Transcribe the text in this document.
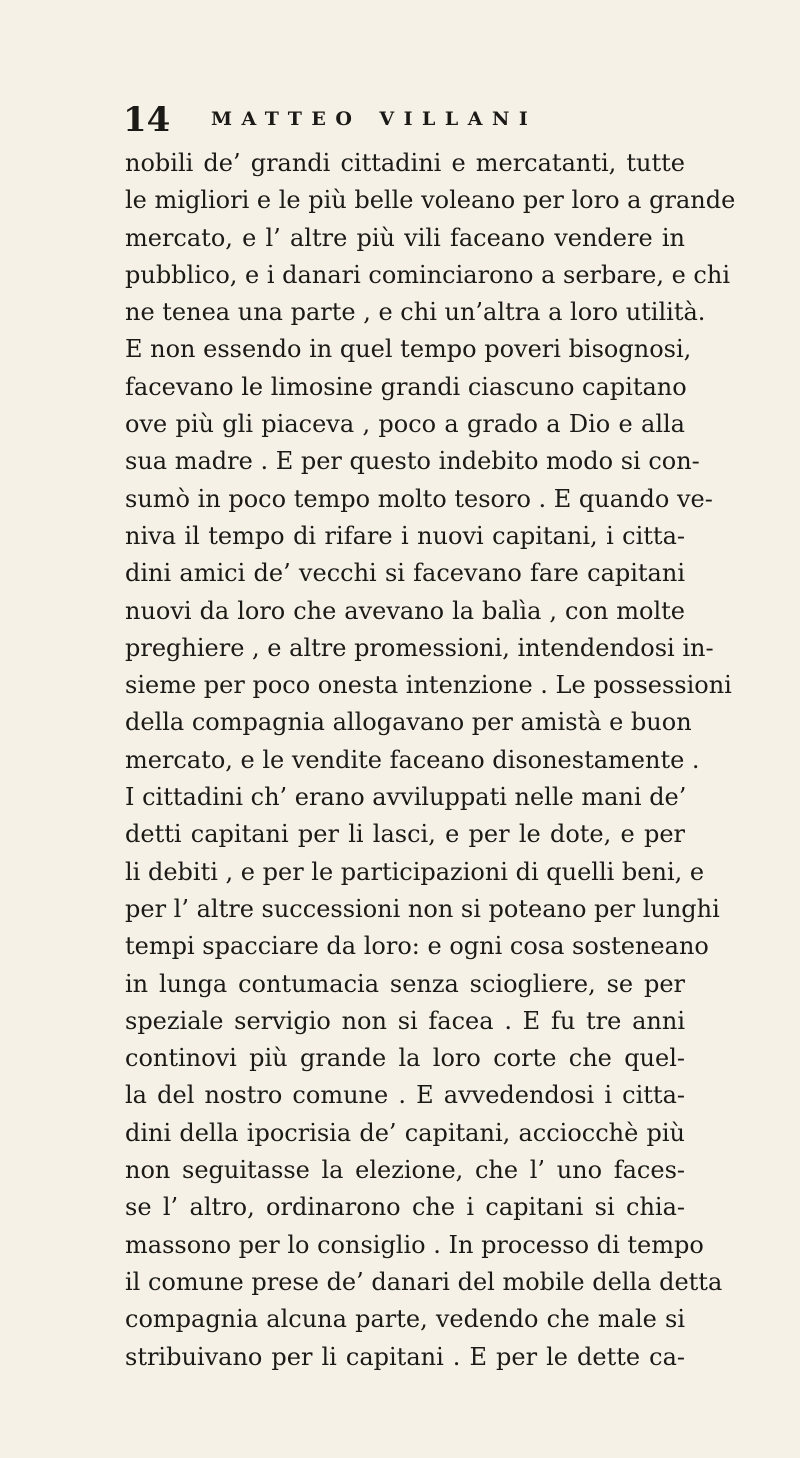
14 MATTEO VILLANI
nobili de’ grandi cittadini e mercatanti, tutte
le migliori e le più belle voleano per loro a grande
mercato, e l’ altre più vili faceano vendere in
pubblico, e i danari cominciarono a serbare, e chi
ne tenea una parte , e chi un’altra a loro utilità.
E non essendo in quel tempo poveri bisognosi,
facevano le limosine grandi ciascuno capitano
ove più gli piaceva , poco a grado a Dio e alla
sua madre . E per questo indebito modo si con-
sumò in poco tempo molto tesoro . E quando ve-
niva il tempo di rifare i nuovi capitani, i citta-
dini amici de’ vecchi si facevano fare capitani
nuovi da loro che avevano la balìa , con molte
preghiere , e altre promessioni, intendendosi in-
sieme per poco onesta intenzione . Le possessioni
della compagnia allogavano per amistà e buon
mercato, e le vendite faceano disonestamente .
I cittadini ch’ erano avviluppati nelle mani de’
detti capitani per li lasci, e per le dote, e per
li debiti , e per le participazioni di quelli beni, e
per l’ altre successioni non si poteano per lunghi
tempi spacciare da loro: e ogni cosa sosteneano
in lunga contumacia senza sciogliere, se per
speziale servigio non si facea . E fu tre anni
continovi più grande la loro corte che quel-
la del nostro comune . E avvedendosi i citta-
dini della ipocrisia de’ capitani, acciocchè più
non seguitasse la elezione, che l’ uno faces-
se l’ altro, ordinarono che i capitani si chia-
massono per lo consiglio . In processo di tempo
il comune prese de’ danari del mobile della detta
compagnia alcuna parte, vedendo che male si
stribuivano per li capitani . E per le dette ca-
